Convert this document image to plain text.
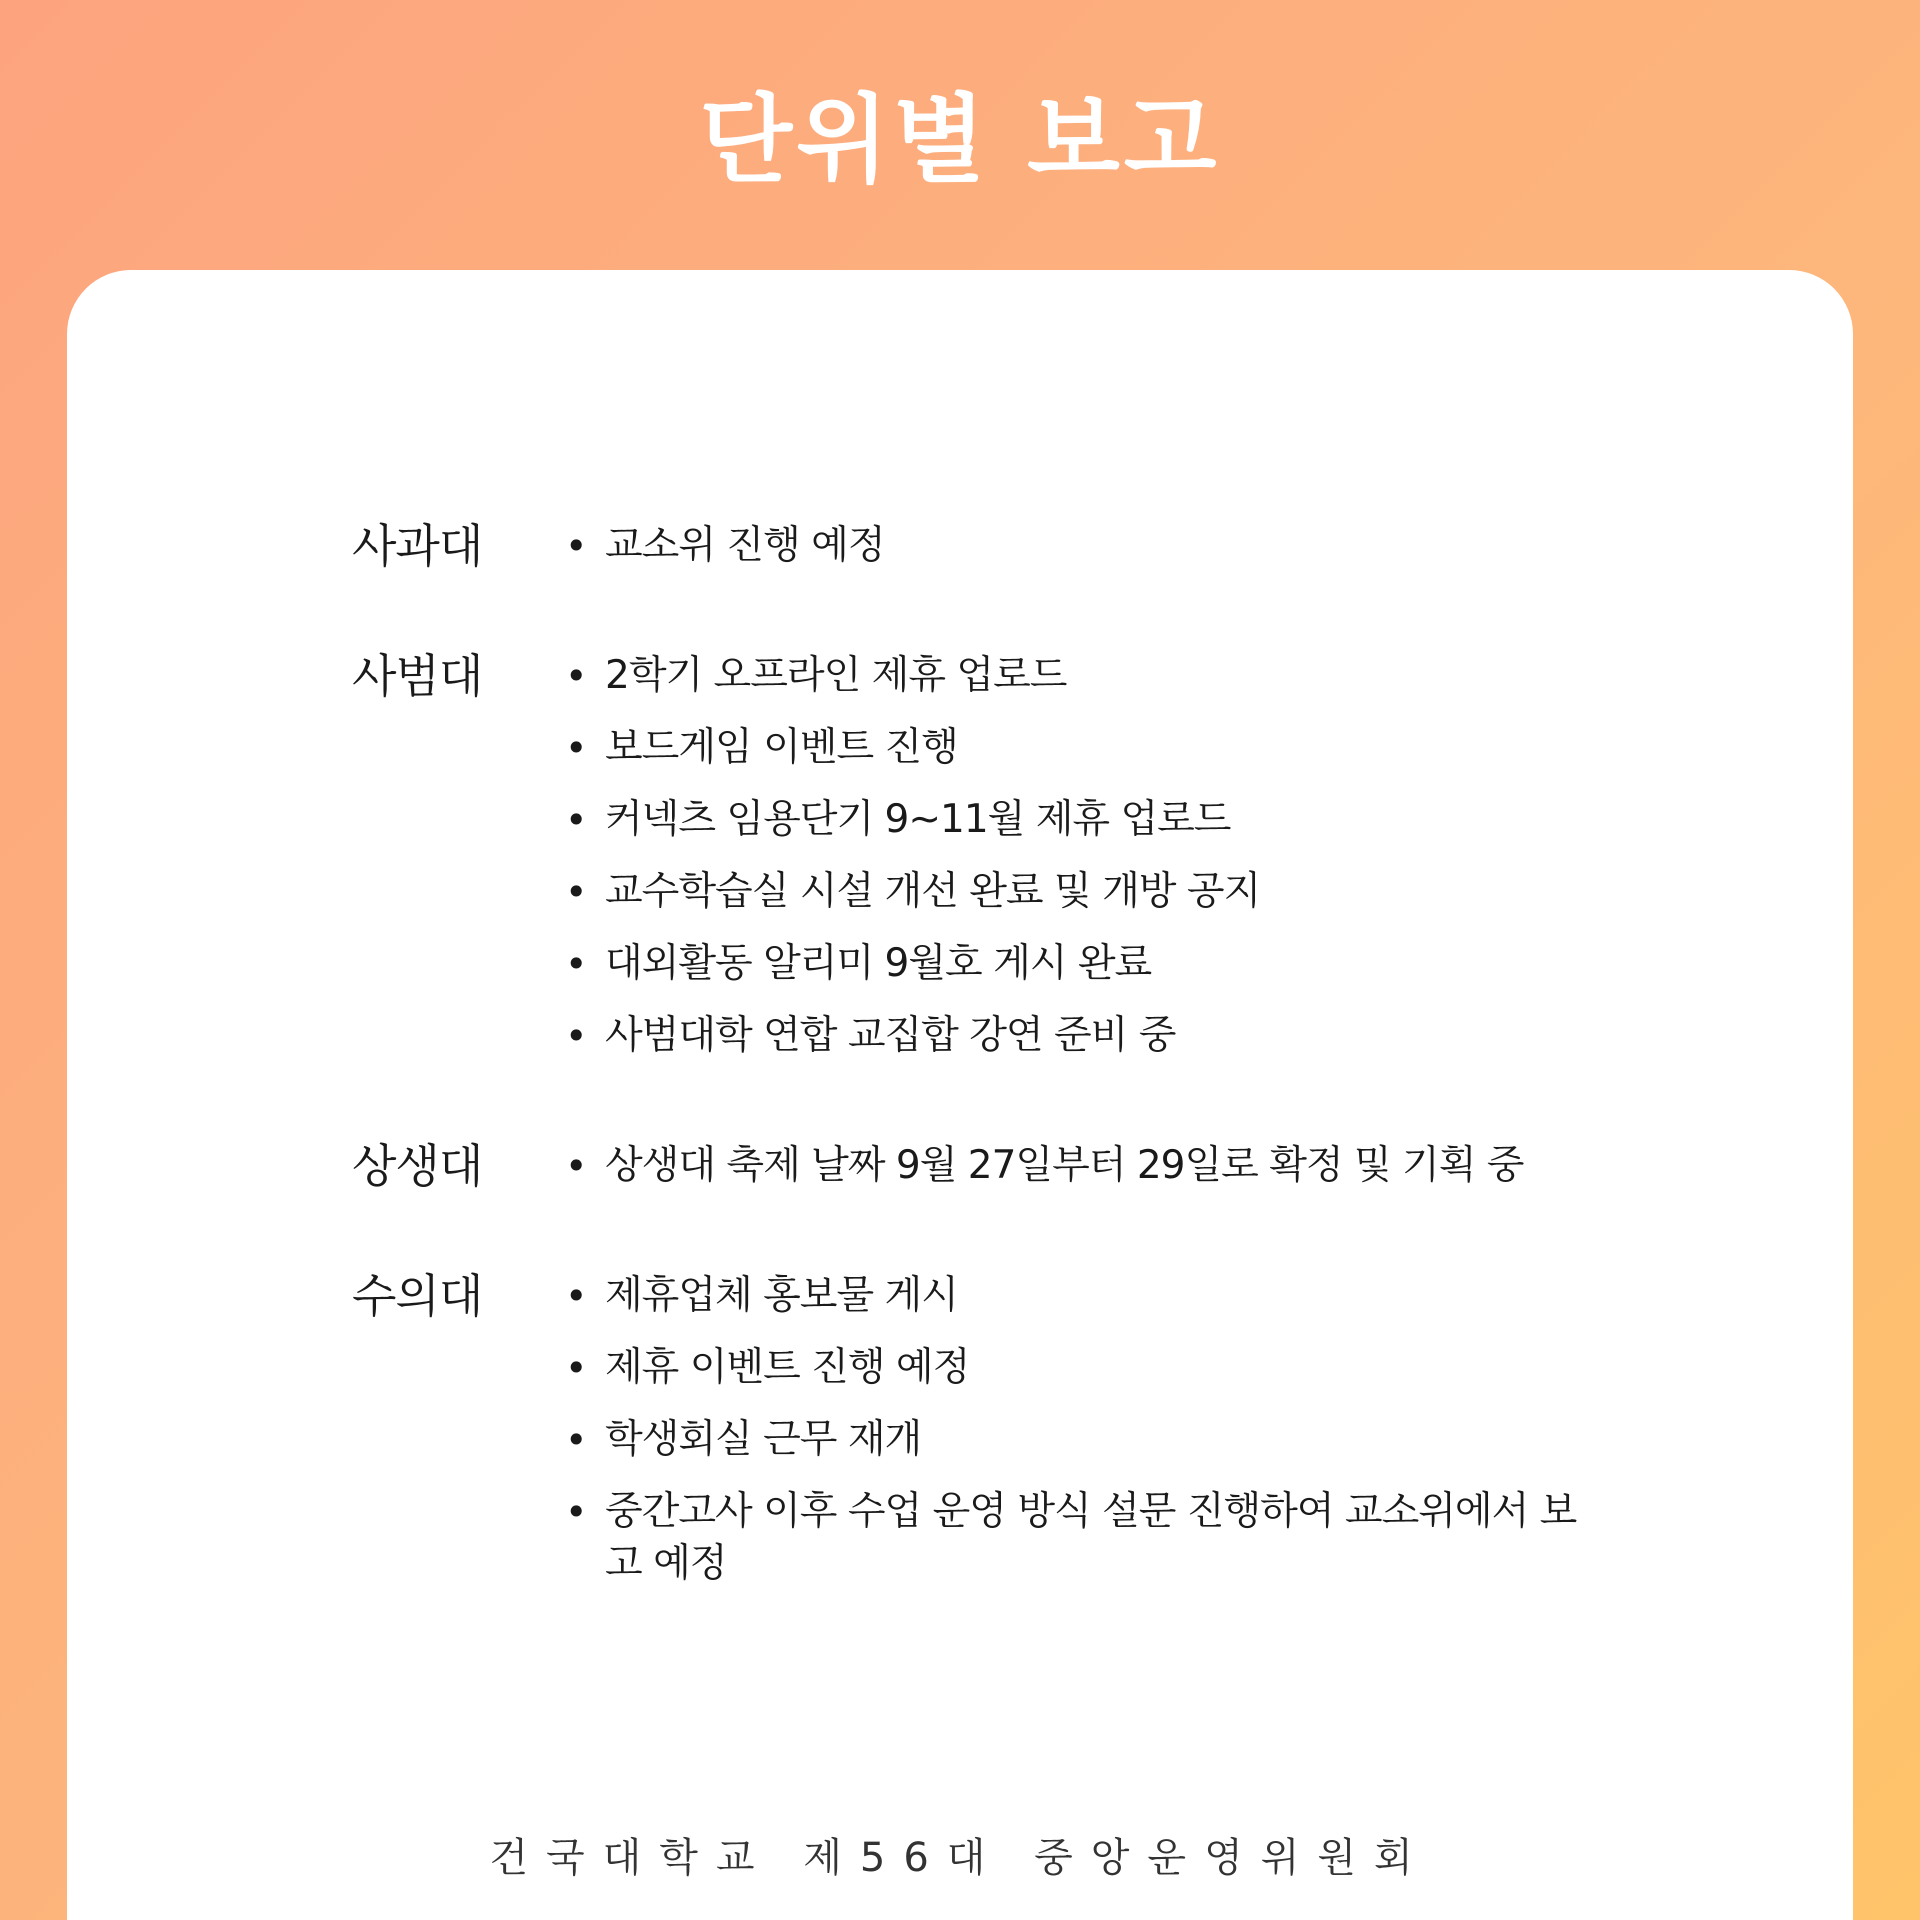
단위별 보고
사과대	• 교소위 진행 예정
사범대	• 2학기 오프라인 제휴 업로드
• 보드게임 이벤트 진행
• 커넥츠 임용단기 9~11월 제휴 업로드
• 교수학습실 시설 개선 완료 및 개방 공지
• 대외활동 알리미 9월호 게시 완료
• 사범대학 연합 교집합 강연 준비 중
상생대	• 상생대 축제 날짜 9월 27일부터 29일로 확정 및 기획 중
수의대	• 제휴업체 홍보물 게시
• 제휴 이벤트 진행 예정
• 학생회실 근무 재개
• 중간고사 이후 수업 운영 방식 설문 진행하여 교소위에서 보고 예정
건국대학교 제56대 중앙운영위원회
